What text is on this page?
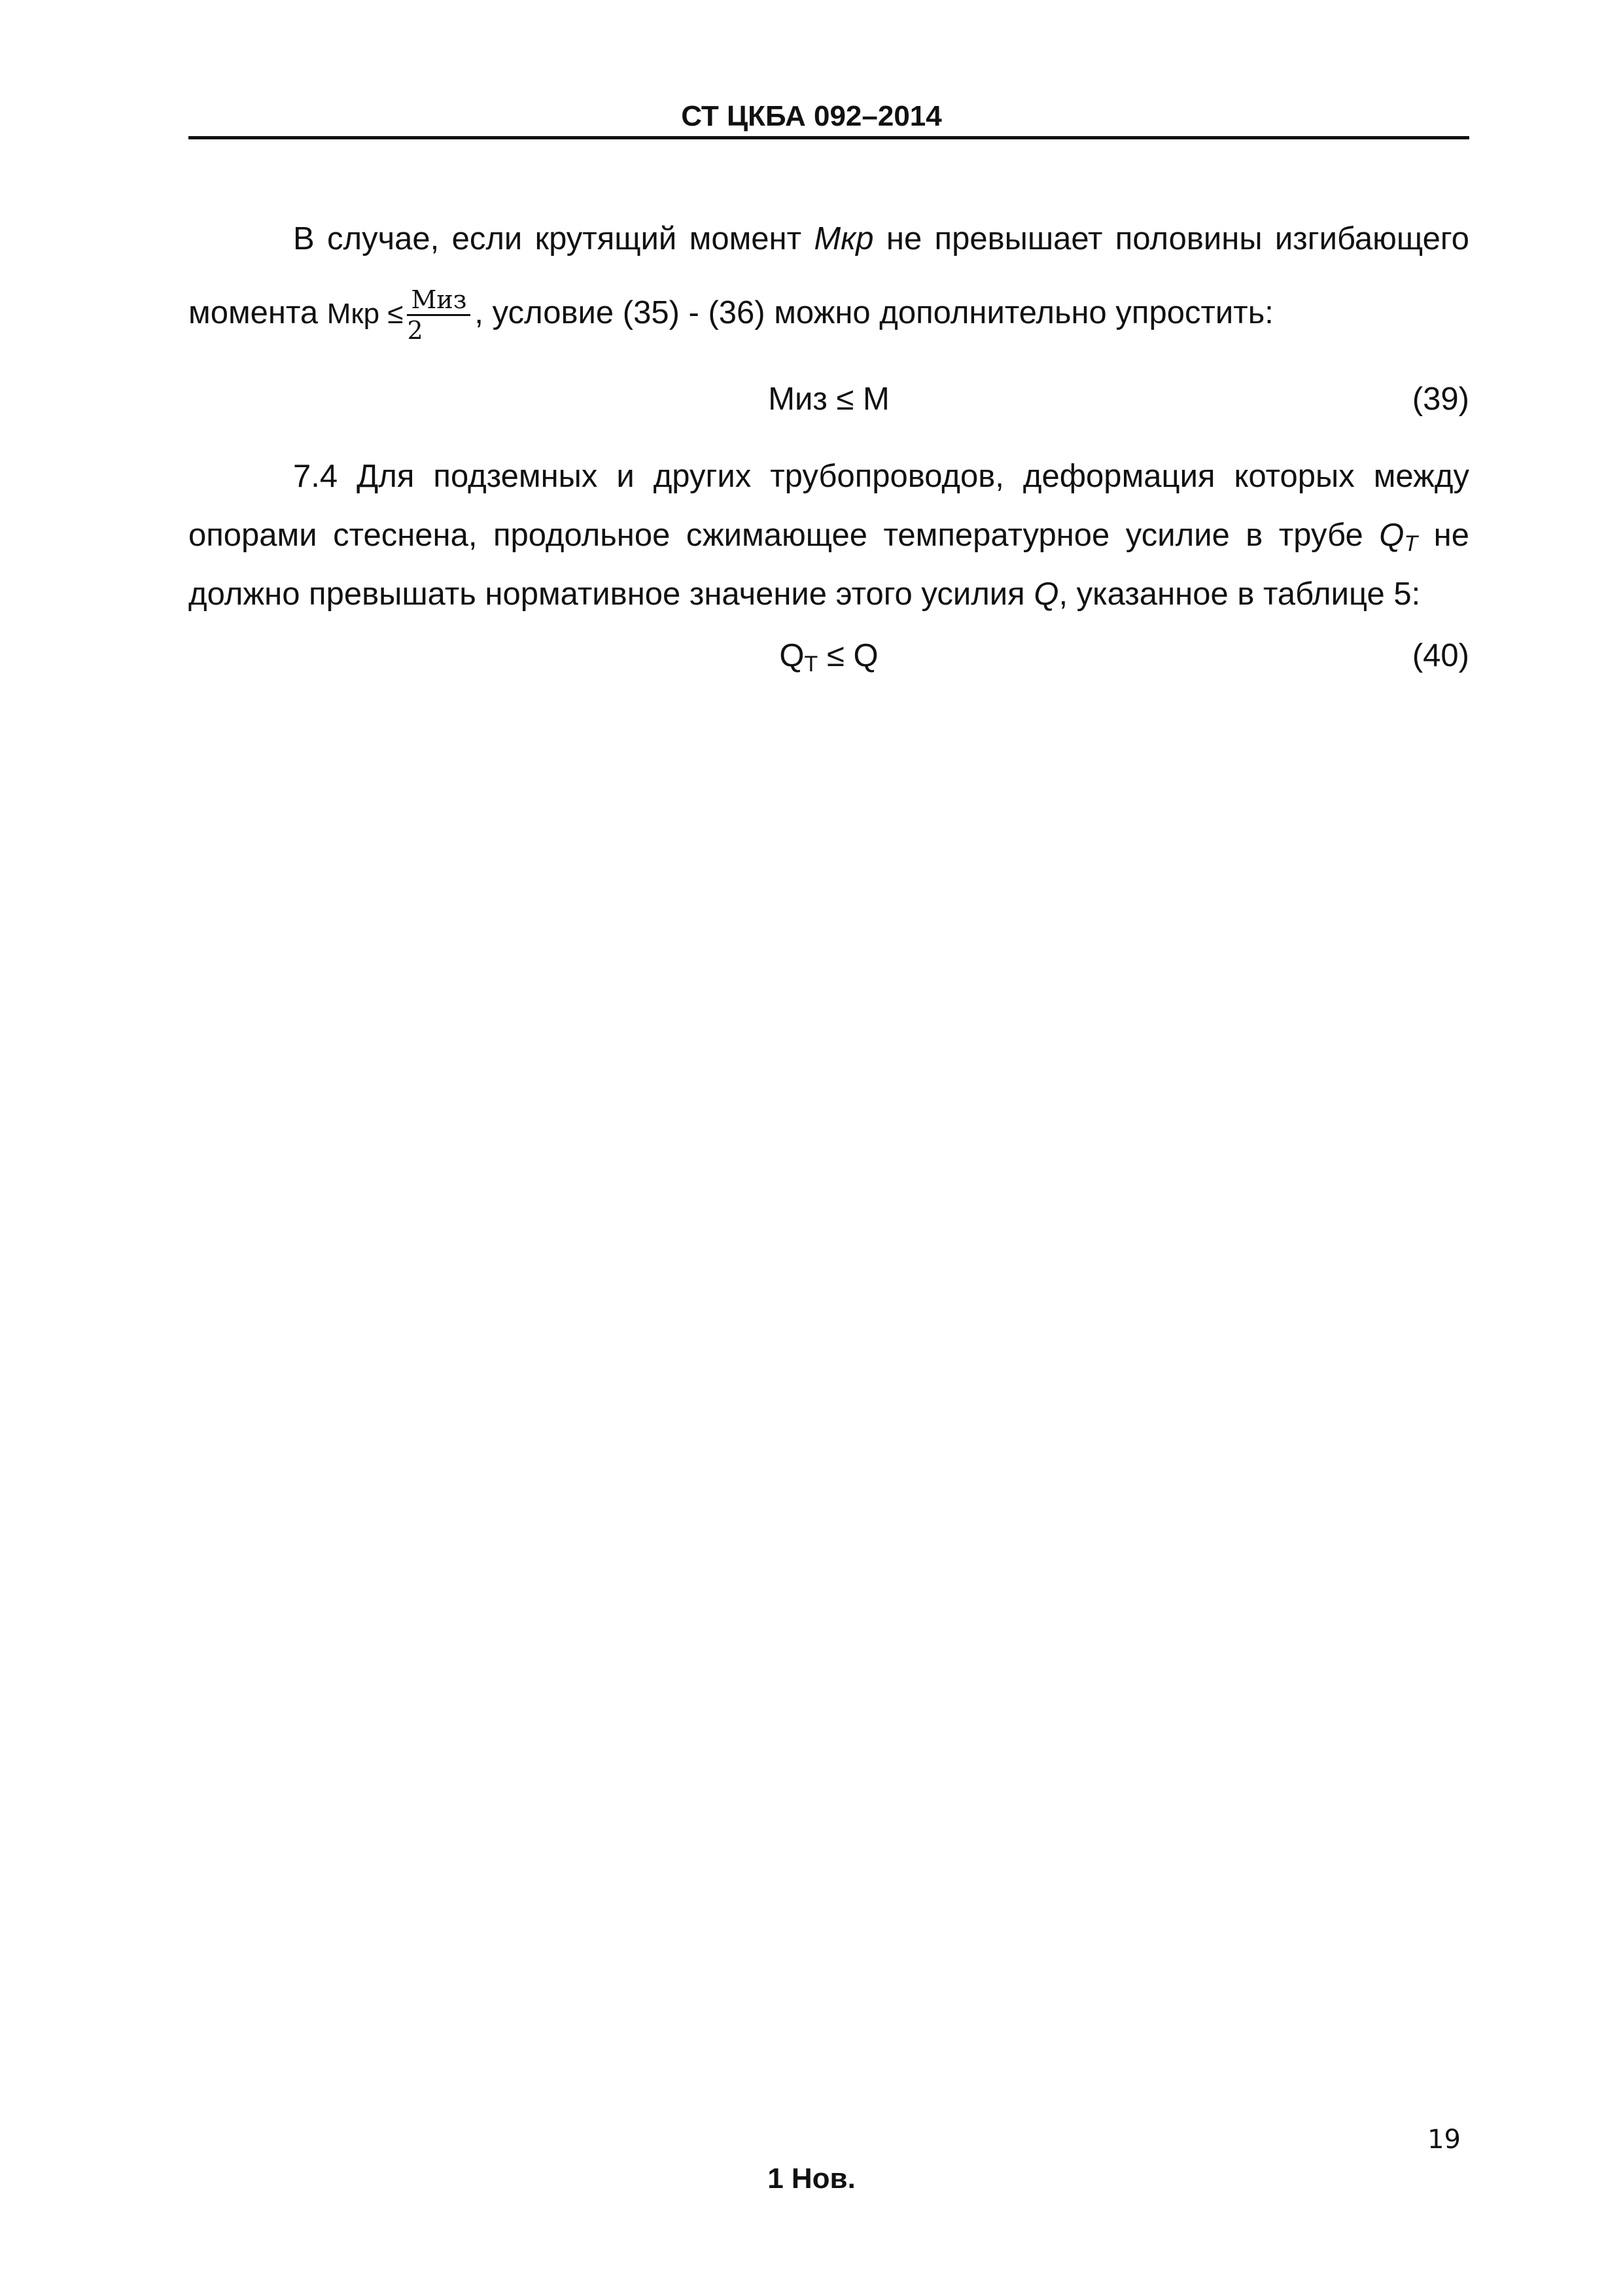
СТ ЦКБА 092–2014
В случае, если крутящий момент Мкр не превышает половины изгибающего
момента Мкр ≤ $\frac{\text{Миз}}{2}$ , условие (35) - (36) можно дополнительно упростить:
Миз ≤ М	(39)
7.4 Для подземных и других трубопроводов, деформация которых между
опорами стеснена, продольное сжимающее температурное усилие в трубе $Q_T$ не
должно превышать нормативное значение этого усилия Q, указанное в таблице 5:
$Q_T \le Q$	(40)
19
1 Нов.
